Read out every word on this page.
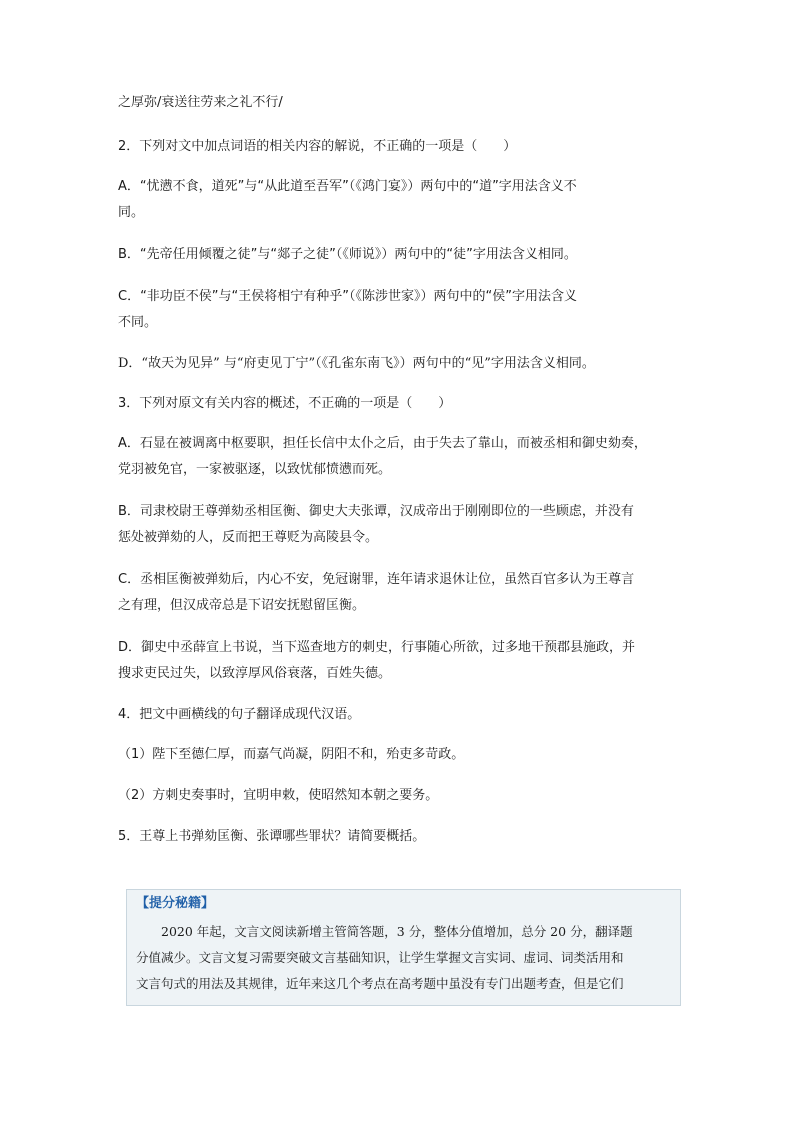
之厚弥/衰送往劳来之礼不行/
2．下列对文中加点词语的相关内容的解说，不正确的一项是（　　）
A．“忧懑不食，道死”与“从此道至吾军”（《鸿门宴》）两句中的“道”字用法含义不
同。
B．“先帝任用倾覆之徒”与“郯子之徒”（《师说》）两句中的“徒”字用法含义相同。
C．“非功臣不侯”与“王侯将相宁有种乎”（《陈涉世家》）两句中的“侯”字用法含义
不同。
D．“故天为见异” 与“府吏见丁宁”（《孔雀东南飞》）两句中的“见”字用法含义相同。
3．下列对原文有关内容的概述，不正确的一项是（　　）
A．石显在被调离中枢要职，担任长信中太仆之后，由于失去了靠山，而被丞相和御史劾奏，
党羽被免官，一家被驱逐，以致忧郁愤懑而死。
B．司隶校尉王尊弹劾丞相匡衡、御史大夫张谭，汉成帝出于刚刚即位的一些顾虑，并没有
惩处被弹劾的人，反而把王尊贬为高陵县令。
C．丞相匡衡被弹劾后，内心不安，免冠谢罪，连年请求退休让位，虽然百官多认为王尊言
之有理，但汉成帝总是下诏安抚慰留匡衡。
D．御史中丞薛宣上书说，当下巡查地方的刺史，行事随心所欲，过多地干预郡县施政，并
搜求吏民过失，以致淳厚风俗衰落，百姓失德。
4．把文中画横线的句子翻译成现代汉语。
（1）陛下至德仁厚，而嘉气尚凝，阴阳不和，殆吏多苛政。
（2）方刺史奏事时，宜明申敕，使昭然知本朝之要务。
5．王尊上书弹劾匡衡、张谭哪些罪状？请简要概括。
【提分秘籍】
　　2020 年起，文言文阅读新增主管简答题，3 分，整体分值增加，总分 20 分，翻译题
分值减少。文言文复习需要突破文言基础知识，让学生掌握文言实词、虚词、词类活用和
文言句式的用法及其规律，近年来这几个考点在高考题中虽没有专门出题考查，但是它们
